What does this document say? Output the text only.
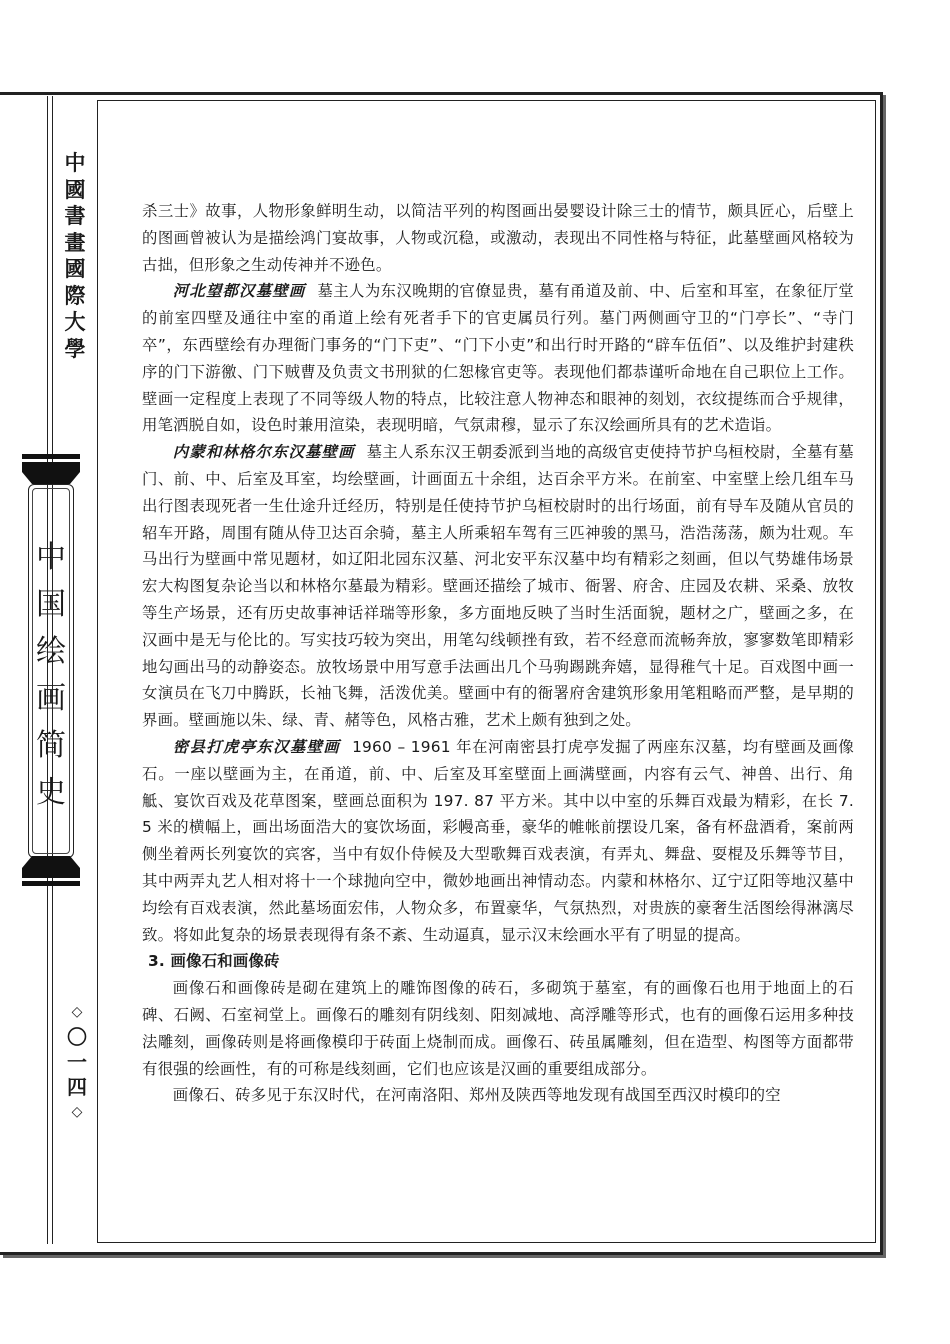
中
國
書
畫
國
際
大
學
中
国
绘
画
简
史
◇
〇
一
四
◇

杀三士》故事，人物形象鲜明生动，以简洁平列的构图画出晏婴设计除三士的情节，颇具匠心，后壁上的图画曾被认为是描绘鸿门宴故事，人物或沉稳，或激动，表现出不同性格与特征，此墓壁画风格较为古拙，但形象之生动传神并不逊色。

河北望都汉墓壁画 墓主人为东汉晚期的官僚显贵，墓有甬道及前、中、后室和耳室，在象征厅堂的前室四壁及通往中室的甬道上绘有死者手下的官吏属员行列。墓门两侧画守卫的“门亭长”、“寺门卒”，东西壁绘有办理衙门事务的“门下吏”、“门下小吏”和出行时开路的“辟车伍佰”、以及维护封建秩序的门下游徼、门下贼曹及负责文书刑狱的仁恕椽官吏等。表现他们都恭谨听命地在自己职位上工作。壁画一定程度上表现了不同等级人物的特点，比较注意人物神态和眼神的刻划，衣纹提练而合乎规律，用笔洒脱自如，设色时兼用渲染，表现明暗，气氛肃穆，显示了东汉绘画所具有的艺术造诣。

内蒙和林格尔东汉墓壁画 墓主人系东汉王朝委派到当地的高级官吏使持节护乌桓校尉，全墓有墓门、前、中、后室及耳室，均绘壁画，计画面五十余组，达百余平方米。在前室、中室壁上绘几组车马出行图表现死者一生仕途升迁经历，特别是任使持节护乌桓校尉时的出行场面，前有导车及随从官员的轺车开路，周围有随从侍卫达百余骑，墓主人所乘轺车驾有三匹神骏的黑马，浩浩荡荡，颇为壮观。车马出行为壁画中常见题材，如辽阳北园东汉墓、河北安平东汉墓中均有精彩之刻画，但以气势雄伟场景宏大构图复杂论当以和林格尔墓最为精彩。壁画还描绘了城市、衙署、府舍、庄园及农耕、采桑、放牧等生产场景，还有历史故事神话祥瑞等形象，多方面地反映了当时生活面貌，题材之广，壁画之多，在汉画中是无与伦比的。写实技巧较为突出，用笔勾线顿挫有致，若不经意而流畅奔放，寥寥数笔即精彩地勾画出马的动静姿态。放牧场景中用写意手法画出几个马驹踢跳奔嬉，显得稚气十足。百戏图中画一女演员在飞刀中腾跃，长袖飞舞，活泼优美。壁画中有的衙署府舍建筑形象用笔粗略而严整，是早期的界画。壁画施以朱、绿、青、赭等色，风格古雅，艺术上颇有独到之处。

密县打虎亭东汉墓壁画 1960 – 1961 年在河南密县打虎亭发掘了两座东汉墓，均有壁画及画像石。一座以壁画为主，在甬道，前、中、后室及耳室壁面上画满壁画，内容有云气、神兽、出行、角觝、宴饮百戏及花草图案，壁画总面积为 197. 87 平方米。其中以中室的乐舞百戏最为精彩，在长 7. 5 米的横幅上，画出场面浩大的宴饮场面，彩幔高垂，豪华的帷帐前摆设几案，备有杯盘酒肴，案前两侧坐着两长列宴饮的宾客，当中有奴仆侍候及大型歌舞百戏表演，有弄丸、舞盘、耍棍及乐舞等节目，其中两弄丸艺人相对将十一个球抛向空中，微妙地画出神情动态。内蒙和林格尔、辽宁辽阳等地汉墓中均绘有百戏表演，然此墓场面宏伟，人物众多，布置豪华，气氛热烈，对贵族的豪奢生活图绘得淋漓尽致。将如此复杂的场景表现得有条不紊、生动逼真，显示汉末绘画水平有了明显的提高。

3. 画像石和画像砖

画像石和画像砖是砌在建筑上的雕饰图像的砖石，多砌筑于墓室，有的画像石也用于地面上的石碑、石阙、石室祠堂上。画像石的雕刻有阴线刻、阳刻减地、高浮雕等形式，也有的画像石运用多种技法雕刻，画像砖则是将画像模印于砖面上烧制而成。画像石、砖虽属雕刻，但在造型、构图等方面都带有很强的绘画性，有的可称是线刻画，它们也应该是汉画的重要组成部分。

画像石、砖多见于东汉时代，在河南洛阳、郑州及陕西等地发现有战国至西汉时模印的空
